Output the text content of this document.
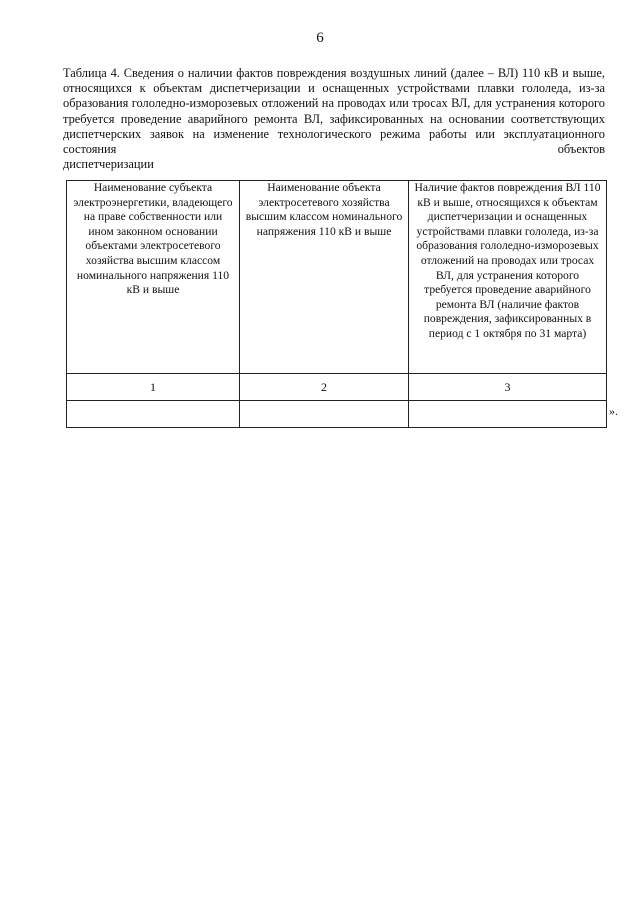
6
Таблица 4. Сведения о наличии фактов повреждения воздушных линий (далее – ВЛ) 110 кВ и выше, относящихся к объектам диспетчеризации и оснащенных устройствами плавки гололеда, из-за образования гололедно-изморозевых отложений на проводах или тросах ВЛ, для устранения которого требуется проведение аварийного ремонта ВЛ, зафиксированных на основании соответствующих диспетчерских заявок на изменение технологического режима работы или эксплуатационного состояния объектов
диспетчеризации
Наименование субъекта электроэнергетики, владеющего на праве собственности или ином законном основании объектами электросетевого хозяйства высшим классом номинального напряжения 110 кВ и выше	Наименование объекта электросетевого хозяйства высшим классом номинального напряжения 110 кВ и выше	Наличие фактов повреждения ВЛ 110 кВ и выше, относящихся к объектам диспетчеризации и оснащенных устройствами плавки гололеда, из-за образования гололедно-изморозевых отложений на проводах или тросах ВЛ, для устранения которого требуется проведение аварийного ремонта ВЛ (наличие фактов повреждения, зафиксированных в период с 1 октября по 31 марта)
1	2	3

».
